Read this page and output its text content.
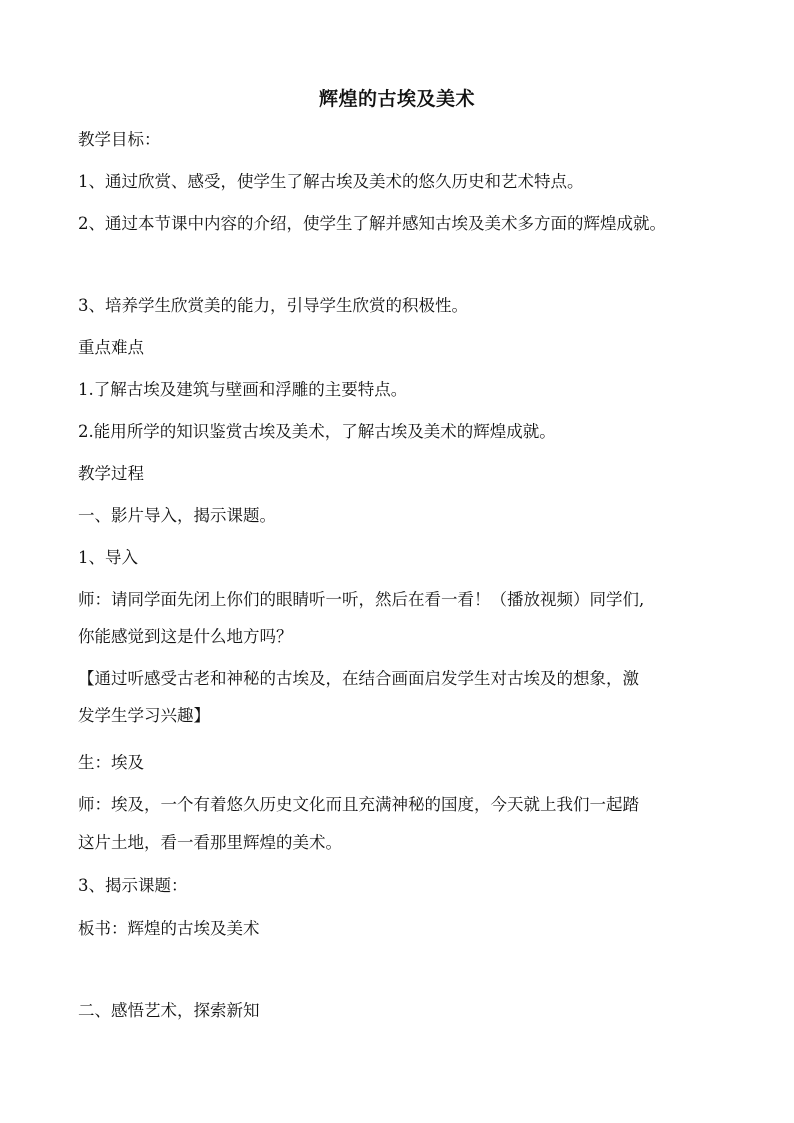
辉煌的古埃及美术
教学目标：
1、通过欣赏、感受，使学生了解古埃及美术的悠久历史和艺术特点。
2、通过本节课中内容的介绍，使学生了解并感知古埃及美术多方面的辉煌成就。
3、培养学生欣赏美的能力，引导学生欣赏的积极性。
重点难点
1.了解古埃及建筑与壁画和浮雕的主要特点。
2.能用所学的知识鉴赏古埃及美术，了解古埃及美术的辉煌成就。
教学过程
一、影片导入，揭示课题。
1、导入
师：请同学面先闭上你们的眼睛听一听，然后在看一看！（播放视频）同学们,
你能感觉到这是什么地方吗？
【通过听感受古老和神秘的古埃及，在结合画面启发学生对古埃及的想象，激
发学生学习兴趣】
生：埃及
师：埃及，一个有着悠久历史文化而且充满神秘的国度，今天就上我们一起踏
这片土地，看一看那里辉煌的美术。
3、揭示课题：
板书：辉煌的古埃及美术
二、感悟艺术，探索新知
